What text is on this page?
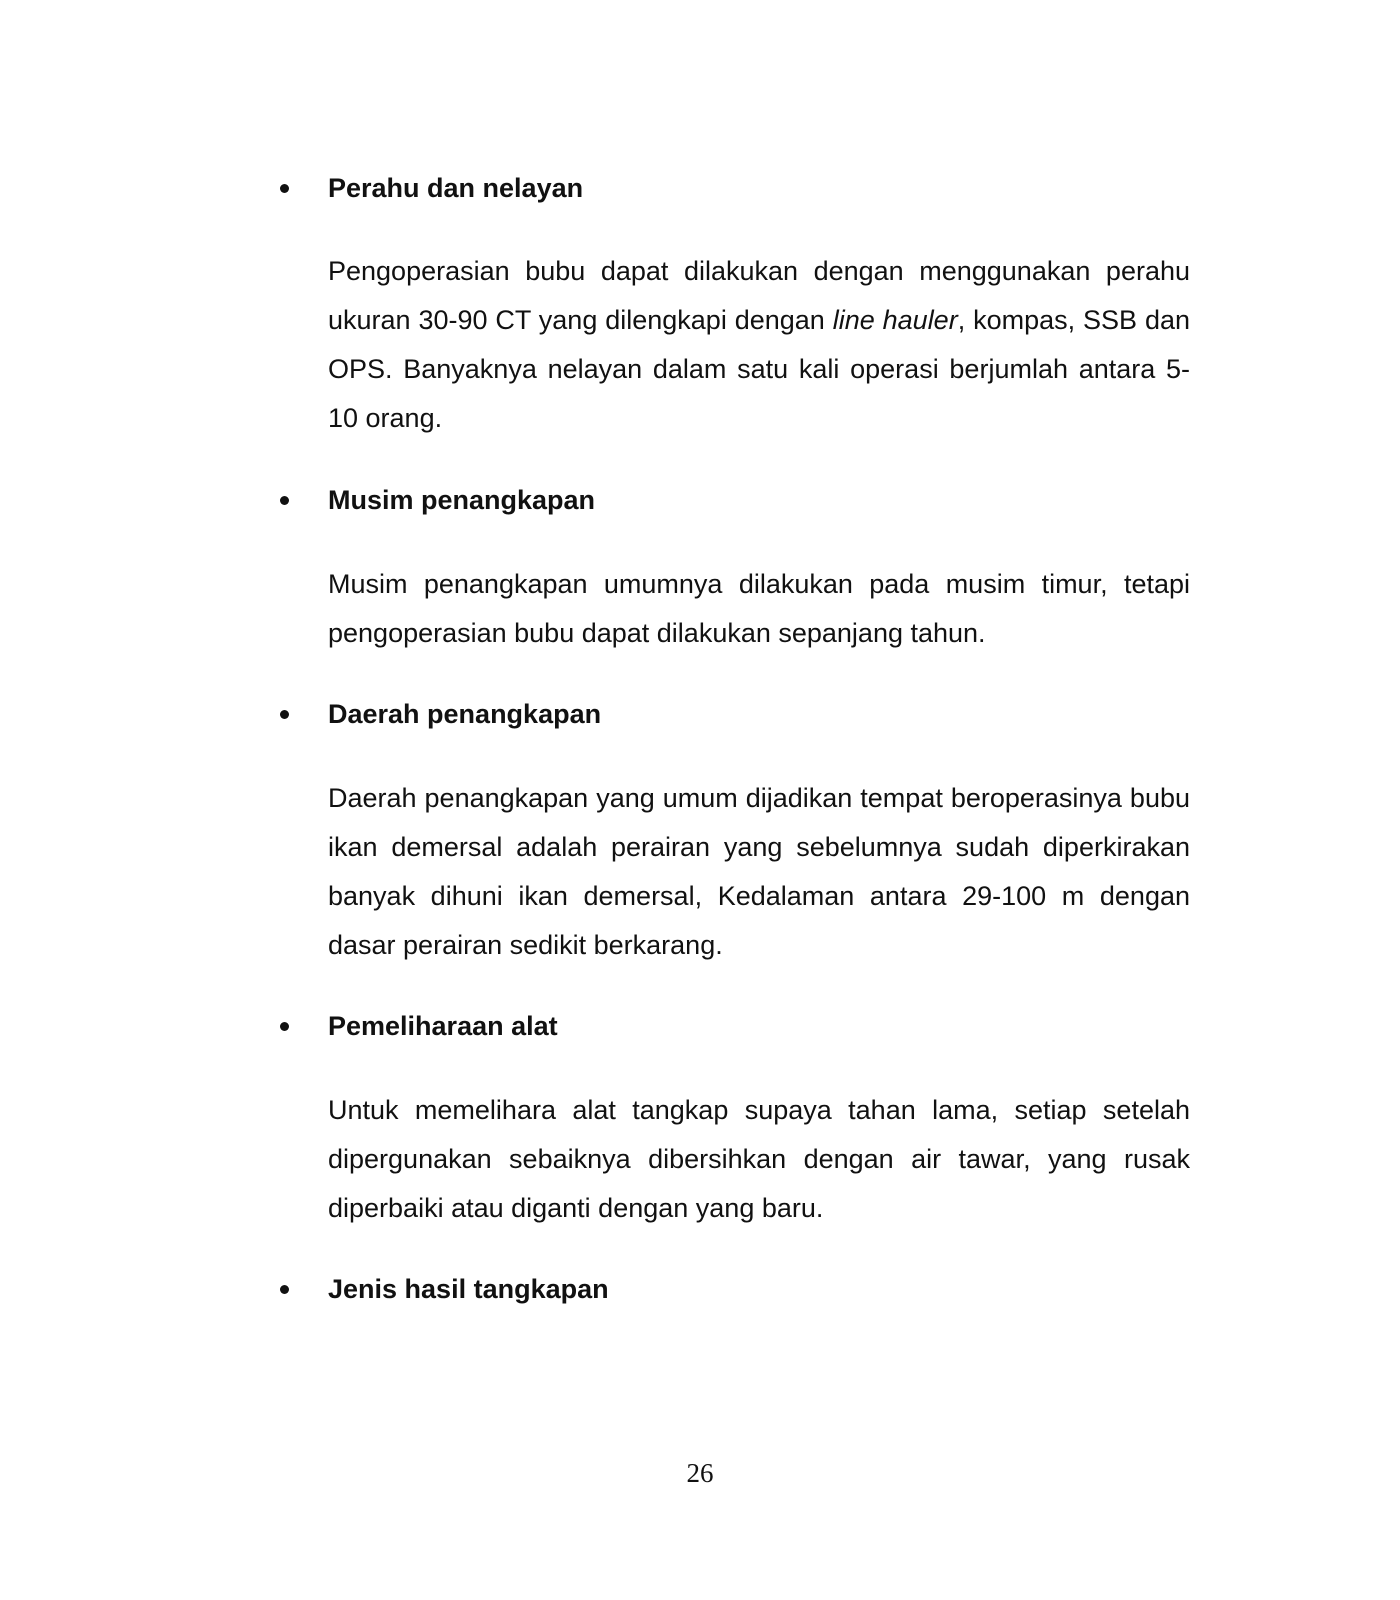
Perahu dan nelayan

Pengoperasian bubu dapat dilakukan dengan menggunakan perahu ukuran 30-90 CT yang dilengkapi dengan line hauler, kompas, SSB dan OPS. Banyaknya nelayan dalam satu kali operasi berjumlah antara 5- 10 orang.

Musim penangkapan

Musim penangkapan umumnya dilakukan pada musim timur, tetapi pengoperasian bubu dapat dilakukan sepanjang tahun.

Daerah penangkapan

Daerah penangkapan yang umum dijadikan tempat beroperasinya bubu ikan demersal adalah perairan yang sebelumnya sudah diperkirakan banyak dihuni ikan demersal, Kedalaman antara 29-100 m dengan dasar perairan sedikit berkarang.

Pemeliharaan alat

Untuk memelihara alat tangkap supaya tahan lama, setiap setelah dipergunakan sebaiknya dibersihkan dengan air tawar, yang rusak diperbaiki atau diganti dengan yang baru.

Jenis hasil tangkapan
26
